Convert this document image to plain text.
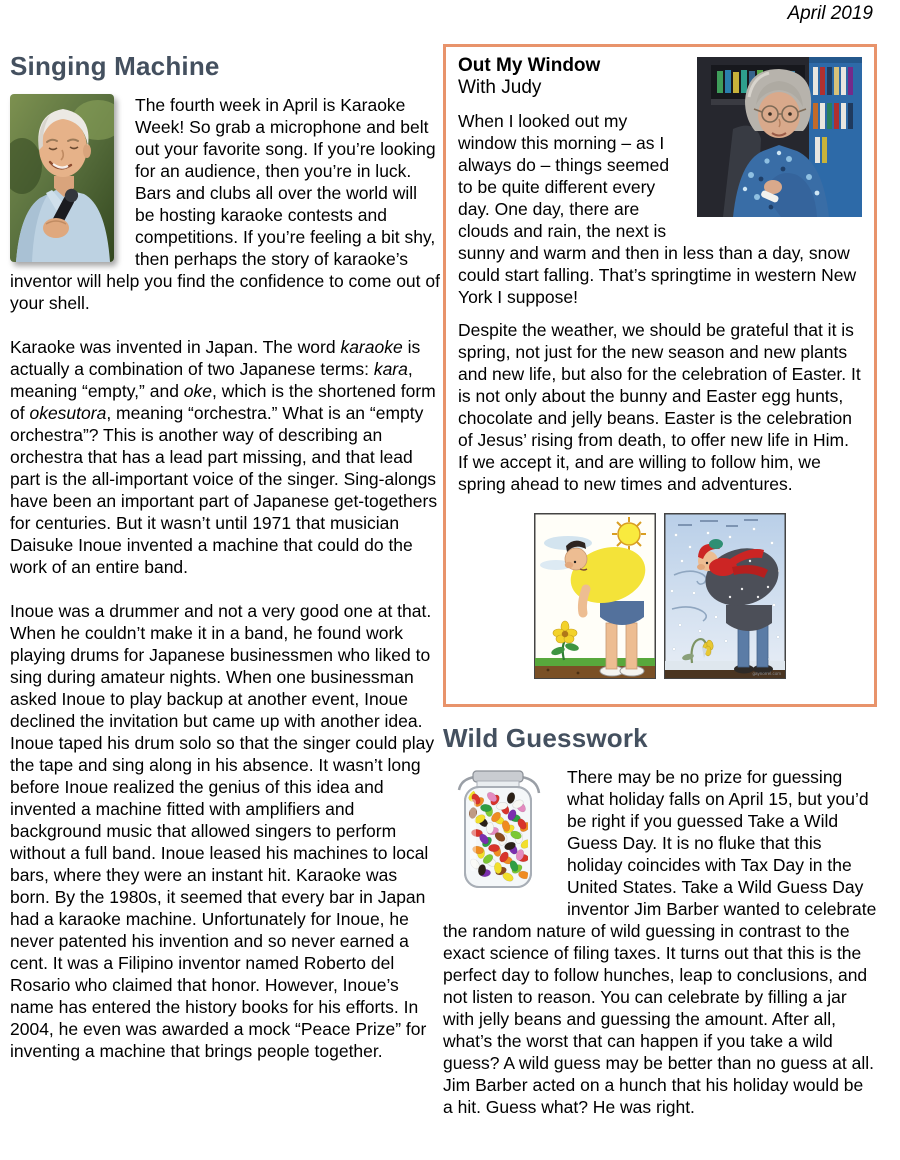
April 2019
Singing Machine

The fourth week in April is Karaoke Week! So grab a microphone and belt out your favorite song. If you’re looking for an audience, then you’re in luck. Bars and clubs all over the world will be hosting karaoke contests and competitions. If you’re feeling a bit shy, then perhaps the story of karaoke’s inventor will help you find the confidence to come out of your shell.

Karaoke was invented in Japan. The word karaoke is actually a combination of two Japanese terms: kara, meaning “empty,” and oke, which is the shortened form of okesutora, meaning “orchestra.” What is an “empty orchestra”? This is another way of describing an orchestra that has a lead part missing, and that lead part is the all-important voice of the singer. Sing-alongs have been an important part of Japanese get-togethers for centuries. But it wasn’t until 1971 that musician Daisuke Inoue invented a machine that could do the work of an entire band.

Inoue was a drummer and not a very good one at that. When he couldn’t make it in a band, he found work playing drums for Japanese businessmen who liked to sing during amateur nights. When one businessman asked Inoue to play backup at another event, Inoue declined the invitation but came up with another idea. Inoue taped his drum solo so that the singer could play the tape and sing along in his absence. It wasn’t long before Inoue realized the genius of this idea and invented a machine fitted with amplifiers and background music that allowed singers to perform without a full band. Inoue leased his machines to local bars, where they were an instant hit. Karaoke was born. By the 1980s, it seemed that every bar in Japan had a karaoke machine. Unfortunately for Inoue, he never patented his invention and so never earned a cent. It was a Filipino inventor named Roberto del Rosario who claimed that honor. However, Inoue’s name has entered the history books for his efforts. In 2004, he even was awarded a mock “Peace Prize” for inventing a machine that brings people together.

Out My Window
With Judy

When I looked out my window this morning – as I always do – things seemed to be quite different every day. One day, there are clouds and rain, the next is sunny and warm and then in less than a day, snow could start falling. That’s springtime in western New York I suppose!

Despite the weather, we should be grateful that it is spring, not just for the new season and new plants and new life, but also for the celebration of Easter. It is not only about the bunny and Easter egg hunts, chocolate and jelly beans. Easter is the celebration of Jesus’ rising from death, to offer new life in Him. If we accept it, and are willing to follow him, we spring ahead to new times and adventures.

gaynorrel.com
Wild Guesswork

There may be no prize for guessing what holiday falls on April 15, but you’d be right if you guessed Take a Wild Guess Day. It is no fluke that this holiday coincides with Tax Day in the United States. Take a Wild Guess Day inventor Jim Barber wanted to celebrate the random nature of wild guessing in contrast to the exact science of filing taxes. It turns out that this is the perfect day to follow hunches, leap to conclusions, and not listen to reason. You can celebrate by filling a jar with jelly beans and guessing the amount. After all, what’s the worst that can happen if you take a wild guess? A wild guess may be better than no guess at all. Jim Barber acted on a hunch that his holiday would be a hit. Guess what? He was right.
